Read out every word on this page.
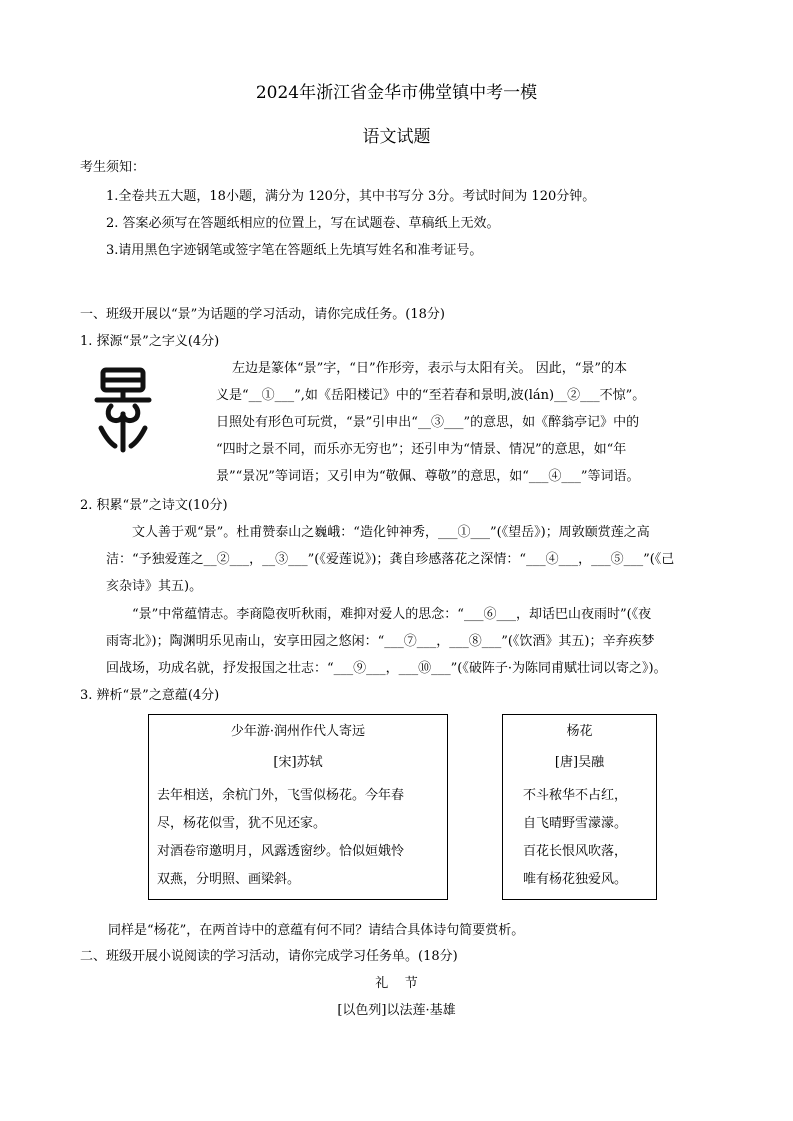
2024年浙江省金华市佛堂镇中考一模
语文试题
考生须知：
1.全卷共五大题，18小题，满分为 120分，其中书写分 3分。考试时间为 120分钟。
2. 答案必须写在答题纸相应的位置上，写在试题卷、草稿纸上无效。
3.请用黑色字迹钢笔或签字笔在答题纸上先填写姓名和准考证号。
一、班级开展以“景”为话题的学习活动，请你完成任务。(18分)
1. 探源“景”之字义(4分)
左边是篆体“景”字，“日”作形旁，表示与太阳有关。 因此，“景”的本
义是“__①___”,如《岳阳楼记》中的“至若春和景明,波(lán)__②___不惊”。
日照处有形色可玩赏，“景”引申出“__③___”的意思，如《醉翁亭记》中的
“四时之景不同，而乐亦无穷也”；还引申为“情景、情况”的意思，如“年
景”“景况”等词语；又引申为“敬佩、尊敬”的意思，如“___④___”等词语。
2. 积累“景”之诗文(10分)
文人善于观“景”。杜甫赞泰山之巍峨：“造化钟神秀，___①___”(《望岳》)；周敦颐赏莲之高
洁：“予独爱莲之__②___，__③___”(《爱莲说》)；龚自珍感落花之深情：“___④___，___⑤___”(《己
亥杂诗》其五)。
“景”中常蕴情志。李商隐夜听秋雨，难抑对爱人的思念：“___⑥___，却话巴山夜雨时”(《夜
雨寄北》)；陶渊明乐见南山，安享田园之悠闲：“___⑦___，___⑧___”(《饮酒》其五)；辛弃疾梦
回战场，功成名就，抒发报国之壮志：“___⑨___，___⑩___”(《破阵子·为陈同甫赋壮词以寄之》)。
3. 辨析“景”之意蕴(4分)
少年游·润州作代人寄远
[宋]苏轼
去年相送，余杭门外，飞雪似杨花。今年春
尽，杨花似雪，犹不见还家。
对酒卷帘邀明月，风露透窗纱。恰似姮娥怜
双燕，分明照、画梁斜。
杨花
[唐]吴融
不斗秾华不占红，
自飞晴野雪濛濛。
百花长恨风吹落，
唯有杨花独爱风。
同样是“杨花”，在两首诗中的意蕴有何不同？请结合具体诗句简要赏析。
二、班级开展小说阅读的学习活动，请你完成学习任务单。(18分)
礼    节
[以色列]以法莲·基雄
